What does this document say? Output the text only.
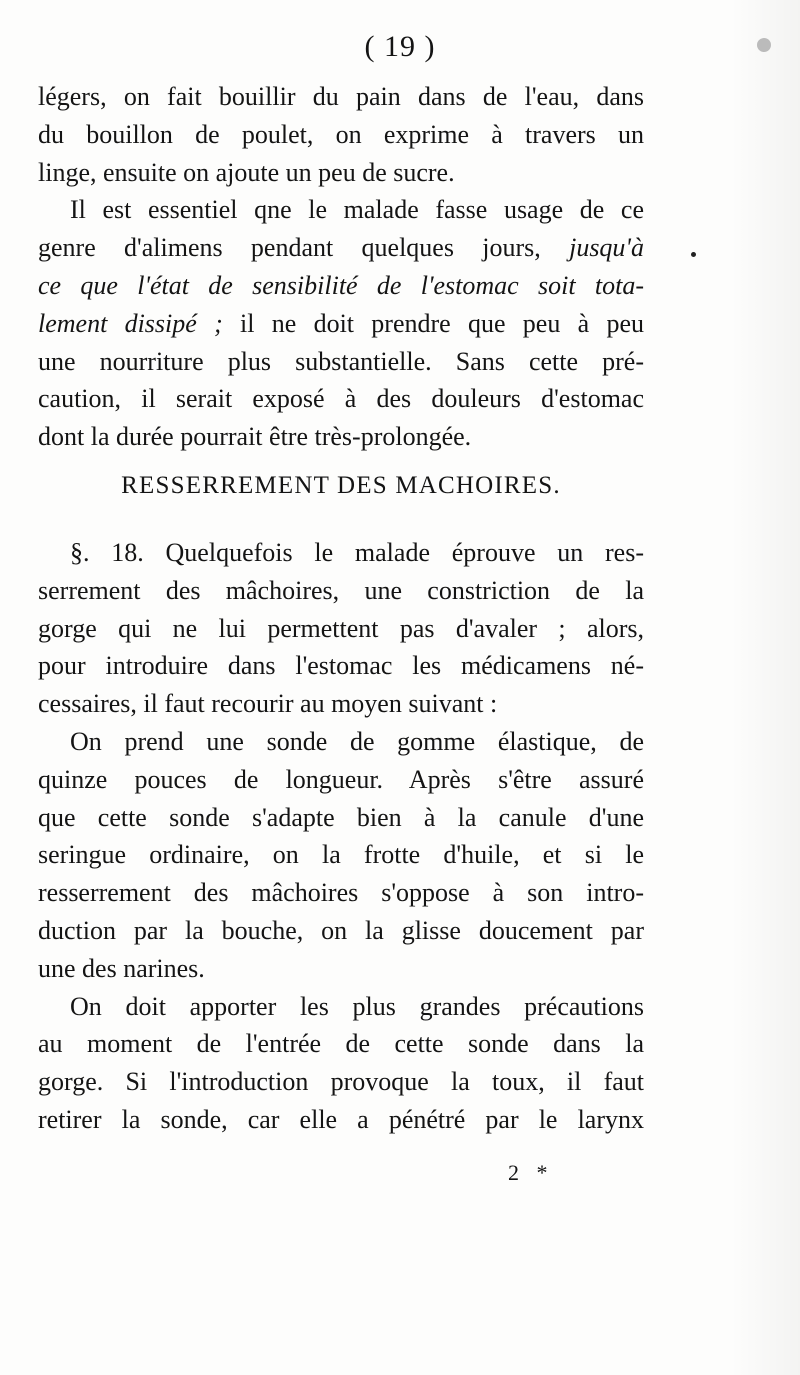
( 19 )
légers, on fait bouillir du pain dans de l'eau, dans
du bouillon de poulet, on exprime à travers un
linge, ensuite on ajoute un peu de sucre.
Il est essentiel qne le malade fasse usage de ce
genre d'alimens pendant quelques jours, jusqu'à
ce que l'état de sensibilité de l'estomac soit tota-
lement dissipé ; il ne doit prendre que peu à peu
une nourriture plus substantielle. Sans cette pré-
caution, il serait exposé à des douleurs d'estomac
dont la durée pourrait être très-prolongée.
RESSERREMENT DES MACHOIRES.
§. 18. Quelquefois le malade éprouve un res-
serrement des mâchoires, une constriction de la
gorge qui ne lui permettent pas d'avaler ; alors,
pour introduire dans l'estomac les médicamens né-
cessaires, il faut recourir au moyen suivant :
On prend une sonde de gomme élastique, de
quinze pouces de longueur. Après s'être assuré
que cette sonde s'adapte bien à la canule d'une
seringue ordinaire, on la frotte d'huile, et si le
resserrement des mâchoires s'oppose à son intro-
duction par la bouche, on la glisse doucement par
une des narines.
On doit apporter les plus grandes précautions
au moment de l'entrée de cette sonde dans la
gorge. Si l'introduction provoque la toux, il faut
retirer la sonde, car elle a pénétré par le larynx
2 *
